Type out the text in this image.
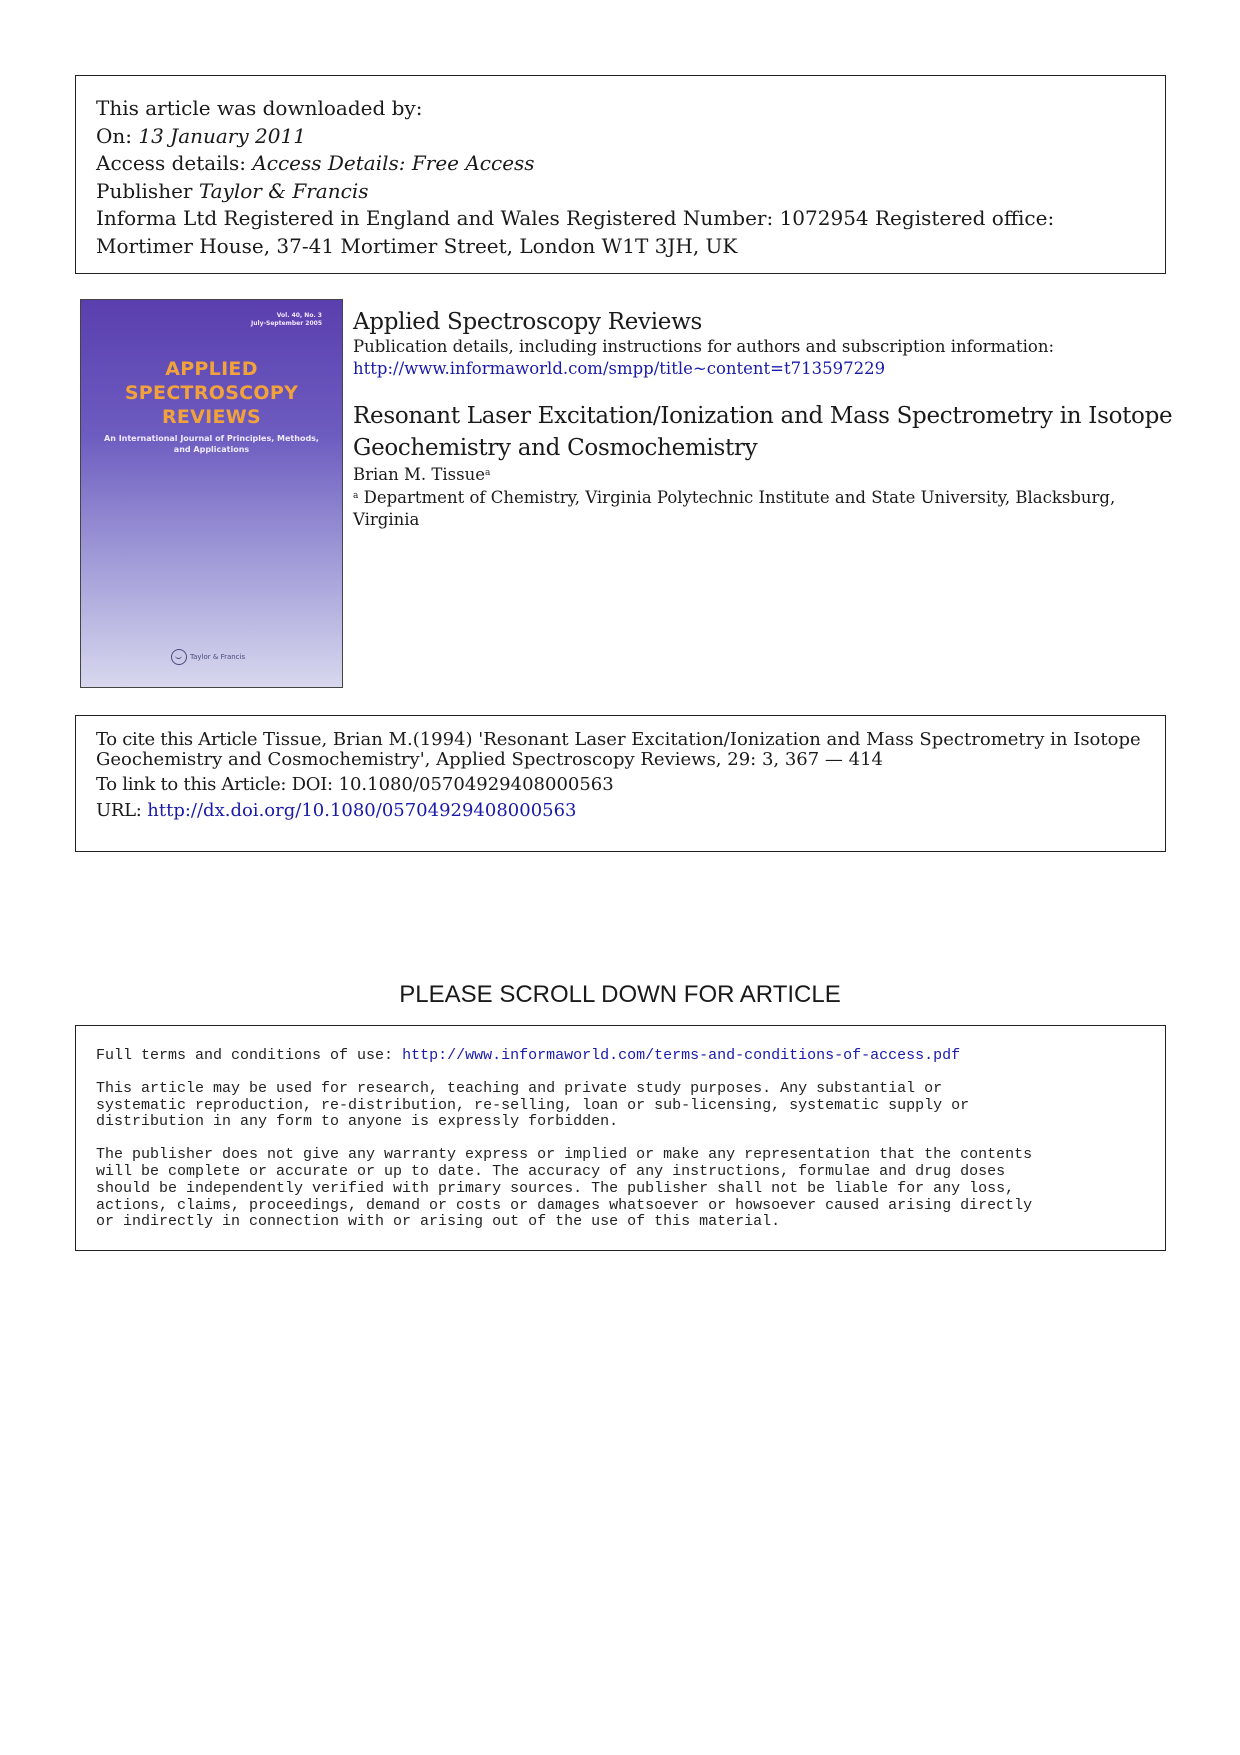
This article was downloaded by:
On: 13 January 2011
Access details: Access Details: Free Access
Publisher Taylor & Francis
Informa Ltd Registered in England and Wales Registered Number: 1072954 Registered office: Mortimer House, 37-41 Mortimer Street, London W1T 3JH, UK
Vol. 40, No. 3
July-September 2005
APPLIED
SPECTROSCOPY
REVIEWS
An International Journal of Principles, Methods, and Applications
Taylor & Francis
Applied Spectroscopy Reviews
Publication details, including instructions for authors and subscription information:
http://www.informaworld.com/smpp/title~content=t713597229
Resonant Laser Excitation/Ionization and Mass Spectrometry in Isotope Geochemistry and Cosmochemistry
Brian M. Tissue$^a$
$^a$ Department of Chemistry, Virginia Polytechnic Institute and State University, Blacksburg, Virginia
To cite this Article Tissue, Brian M.(1994) 'Resonant Laser Excitation/Ionization and Mass Spectrometry in Isotope Geochemistry and Cosmochemistry', Applied Spectroscopy Reviews, 29: 3, 367 — 414
To link to this Article: DOI: 10.1080/05704929408000563
URL: http://dx.doi.org/10.1080/05704929408000563
PLEASE SCROLL DOWN FOR ARTICLE

Full terms and conditions of use: http://www.informaworld.com/terms-and-conditions-of-access.pdf

This article may be used for research, teaching and private study purposes. Any substantial or
systematic reproduction, re-distribution, re-selling, loan or sub-licensing, systematic supply or
distribution in any form to anyone is expressly forbidden.

The publisher does not give any warranty express or implied or make any representation that the contents
will be complete or accurate or up to date. The accuracy of any instructions, formulae and drug doses
should be independently verified with primary sources. The publisher shall not be liable for any loss,
actions, claims, proceedings, demand or costs or damages whatsoever or howsoever caused arising directly
or indirectly in connection with or arising out of the use of this material.
